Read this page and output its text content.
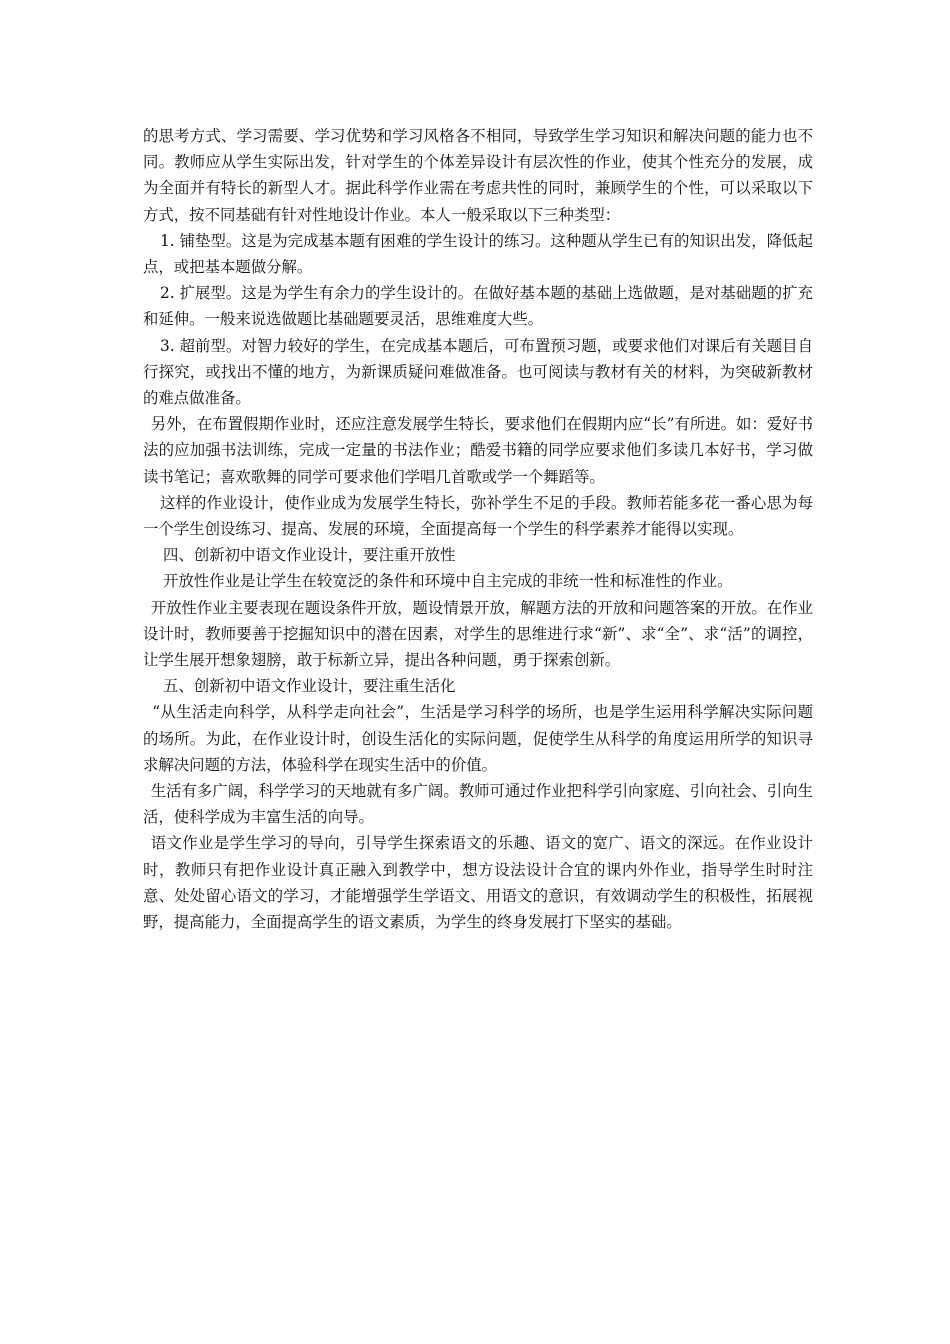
的思考方式、学习需要、学习优势和学习风格各不相同，导致学生学习知识和解决问题的能力也不同。教师应从学生实际出发，针对学生的个体差异设计有层次性的作业，使其个性充分的发展，成为全面并有特长的新型人才。据此科学作业需在考虑共性的同时，兼顾学生的个性，可以采取以下方式，按不同基础有针对性地设计作业。本人一般采取以下三种类型：

1. 铺垫型。这是为完成基本题有困难的学生设计的练习。这种题从学生已有的知识出发，降低起点，或把基本题做分解。

2. 扩展型。这是为学生有余力的学生设计的。在做好基本题的基础上选做题，是对基础题的扩充和延伸。一般来说选做题比基础题要灵活，思维难度大些。

3. 超前型。对智力较好的学生，在完成基本题后，可布置预习题，或要求他们对课后有关题目自行探究，或找出不懂的地方，为新课质疑问难做准备。也可阅读与教材有关的材料，为突破新教材的难点做准备。

另外，在布置假期作业时，还应注意发展学生特长，要求他们在假期内应“长”有所进。如：爱好书法的应加强书法训练，完成一定量的书法作业；酷爱书籍的同学应要求他们多读几本好书，学习做读书笔记；喜欢歌舞的同学可要求他们学唱几首歌或学一个舞蹈等。

这样的作业设计，使作业成为发展学生特长，弥补学生不足的手段。教师若能多花一番心思为每一个学生创设练习、提高、发展的环境，全面提高每一个学生的科学素养才能得以实现。

四、创新初中语文作业设计，要注重开放性

开放性作业是让学生在较宽泛的条件和环境中自主完成的非统一性和标准性的作业。

开放性作业主要表现在题设条件开放，题设情景开放，解题方法的开放和问题答案的开放。在作业设计时，教师要善于挖掘知识中的潜在因素，对学生的思维进行求“新”、求“全”、求“活”的调控，让学生展开想象翅膀，敢于标新立异，提出各种问题，勇于探索创新。

五、创新初中语文作业设计，要注重生活化

“从生活走向科学，从科学走向社会”，生活是学习科学的场所，也是学生运用科学解决实际问题的场所。为此，在作业设计时，创设生活化的实际问题，促使学生从科学的角度运用所学的知识寻求解决问题的方法，体验科学在现实生活中的价值。

生活有多广阔，科学学习的天地就有多广阔。教师可通过作业把科学引向家庭、引向社会、引向生活，使科学成为丰富生活的向导。

语文作业是学生学习的导向，引导学生探索语文的乐趣、语文的宽广、语文的深远。在作业设计时，教师只有把作业设计真正融入到教学中，想方设法设计合宜的课内外作业，指导学生时时注意、处处留心语文的学习，才能增强学生学语文、用语文的意识，有效调动学生的积极性，拓展视野，提高能力，全面提高学生的语文素质，为学生的终身发展打下坚实的基础。
